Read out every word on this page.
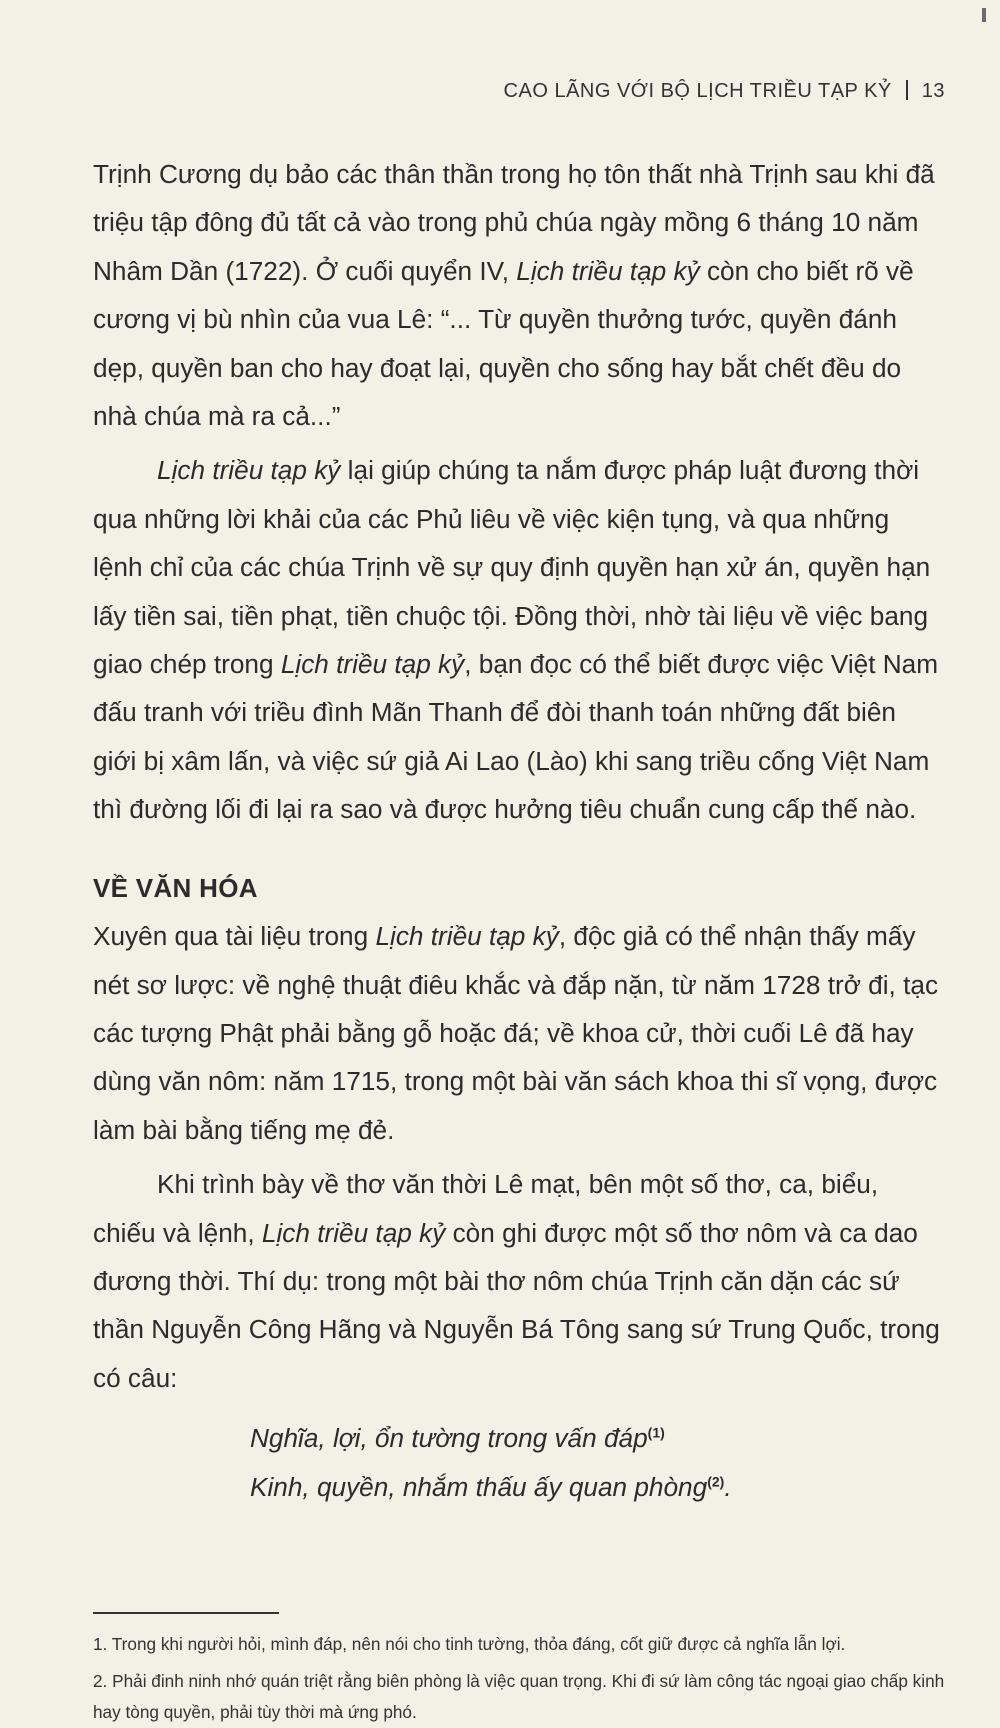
CAO LÃNG VỚI BỘ LỊCH TRIỀU TẠP KỶ 13

Trịnh Cương dụ bảo các thân thần trong họ tôn thất nhà Trịnh sau khi đã triệu tập đông đủ tất cả vào trong phủ chúa ngày mồng 6 tháng 10 năm Nhâm Dần (1722). Ở cuối quyển IV, Lịch triều tạp kỷ còn cho biết rõ về cương vị bù nhìn của vua Lê: “... Từ quyền thưởng tước, quyền đánh dẹp, quyền ban cho hay đoạt lại, quyền cho sống hay bắt chết đều do nhà chúa mà ra cả...”

Lịch triều tạp kỷ lại giúp chúng ta nắm được pháp luật đương thời qua những lời khải của các Phủ liêu về việc kiện tụng, và qua những lệnh chỉ của các chúa Trịnh về sự quy định quyền hạn xử án, quyền hạn lấy tiền sai, tiền phạt, tiền chuộc tội. Đồng thời, nhờ tài liệu về việc bang giao chép trong Lịch triều tạp kỷ, bạn đọc có thể biết được việc Việt Nam đấu tranh với triều đình Mãn Thanh để đòi thanh toán những đất biên giới bị xâm lấn, và việc sứ giả Ai Lao (Lào) khi sang triều cống Việt Nam thì đường lối đi lại ra sao và được hưởng tiêu chuẩn cung cấp thế nào.

VỀ VĂN HÓA

Xuyên qua tài liệu trong Lịch triều tạp kỷ, độc giả có thể nhận thấy mấy nét sơ lược: về nghệ thuật điêu khắc và đắp nặn, từ năm 1728 trở đi, tạc các tượng Phật phải bằng gỗ hoặc đá; về khoa cử, thời cuối Lê đã hay dùng văn nôm: năm 1715, trong một bài văn sách khoa thi sĩ vọng, được làm bài bằng tiếng mẹ đẻ.

Khi trình bày về thơ văn thời Lê mạt, bên một số thơ, ca, biểu, chiếu và lệnh, Lịch triều tạp kỷ còn ghi được một số thơ nôm và ca dao đương thời. Thí dụ: trong một bài thơ nôm chúa Trịnh căn dặn các sứ thần Nguyễn Công Hãng và Nguyễn Bá Tông sang sứ Trung Quốc, trong có câu:

Nghĩa, lợi, ổn tường trong vấn đáp$^{(1)}$

Kinh, quyền, nhắm thấu ấy quan phòng$^{(2)}$.

1. Trong khi người hỏi, mình đáp, nên nói cho tinh tường, thỏa đáng, cốt giữ được cả nghĩa lẫn lợi.

2. Phải đinh ninh nhớ quán triệt rằng biên phòng là việc quan trọng. Khi đi sứ làm công tác ngoại giao chấp kinh hay tòng quyền, phải tùy thời mà ứng phó.
